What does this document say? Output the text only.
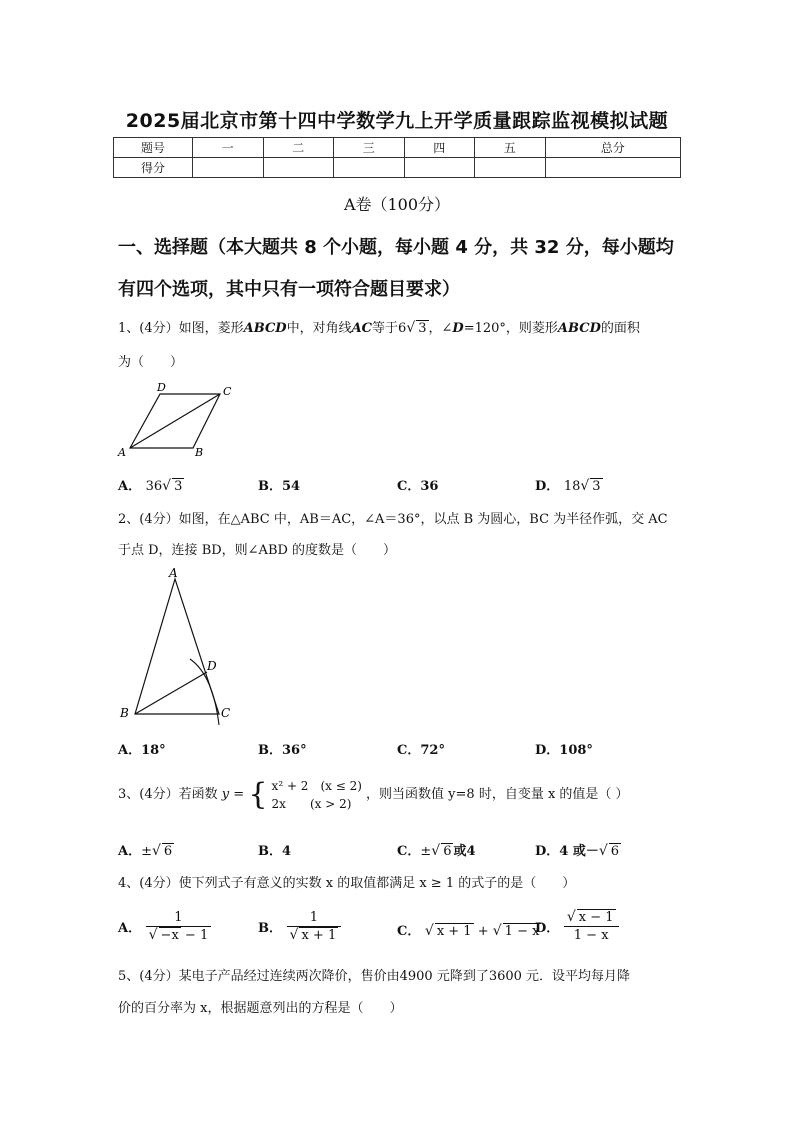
2025届北京市第十四中学数学九上开学质量跟踪监视模拟试题
题号	一	二	三	四	五	总分
得分						
A卷（100分）
一、选择题（本大题共 8 个小题，每小题 4 分，共 32 分，每小题均
有四个选项，其中只有一项符合题目要求）
1、(4分）如图，菱形ABCD中，对角线AC等于6√ 3 ，∠D=120°，则菱形ABCD的面积
为（　　）
A	B
C
D
A． 36√ 3	B．54	C．36	D． 18√ 3
2、(4分）如图，在△ABC 中，AB＝AC，∠A＝36°，以点 B 为圆心，BC 为半径作弧，交 AC
于点 D，连接 BD，则∠ABD 的度数是（　　）
A
B	C
D
A．18°	B．36°	C．72°	D．108°
3、(4分）若函数 y = { x² + 2　(x ≤ 2)
2x　　(x > 2)
，则当函数值 y=8 时，自变量 x 的值是（ ）
A．±√ 6	B．4	C．±√ 6 或4	D．4 或－√ 6
4、(4分）使下列式子有意义的实数 x 的取值都满足 x ≥ 1 的式子的是（　　）
A． $\frac{1}{√ -x - 1}$	B． $\frac{1}{√ x + 1}$	C． √ x + 1 + √ 1 − x
D． $\frac{√ x - 1}{1 - x}$
5、(4分）某电子产品经过连续两次降价，售价由4900 元降到了3600 元．设平均每月降
价的百分率为 x，根据题意列出的方程是（　　）
